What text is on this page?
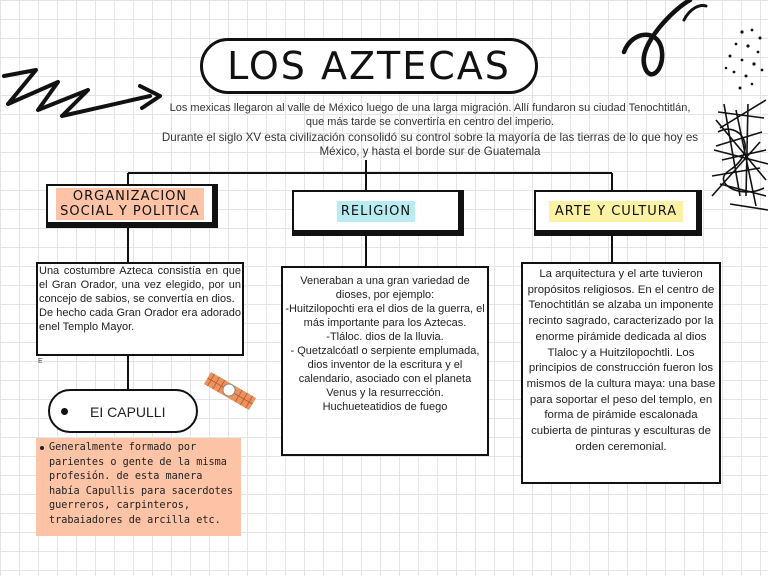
LOS AZTECAS

Los mexicas llegaron al valle de México luego de una larga migración. Allí fundaron su ciudad Tenochtitlán, que más tarde se convertiría en centro del imperio.

Durante el siglo XV esta civilización consolidó su control sobre la mayoría de las tierras de lo que hoy es México, y hasta el borde sur de Guatemala

ORGANIZACION
SOCIAL Y POLITICA	RELIGION	ARTE Y CULTURA

Una costumbre Azteca consistía en que el Gran Orador, una vez elegido, por un concejo de sabios, se convertía en dios.

De hecho cada Gran Orador era adorado enel Templo Mayor.

E

Veneraban a una gran variedad de dioses, por ejemplo:

-Huitzilopochti era el dios de la guerra, el más importante para los Aztecas.

-Tláloc. dios de la lluvia.

- Quetzalcóatl o serpiente emplumada, dios inventor de la escritura y el calendario, asociado con el planeta Venus y la resurrección.

Huchueteatidios de fuego

La arquitectura y el arte tuvieron propósitos religiosos. En el centro de Tenochtitlán se alzaba un imponente recinto sagrado, caracterizado por la enorme pirámide dedicada al dios Tlaloc y a Huitzilopochtli. Los principios de construcción fueron los mismos de la cultura maya: una base para soportar el peso del templo, en forma de pirámide escalonada cubierta de pinturas y esculturas de orden ceremonial.
EI CAPULLI
Generalmente formado por parientes o gente de la misma profesión. de esta manera había Capullis para sacerdotes guerreros, carpinteros, trabaiadores de arcilla etc.
